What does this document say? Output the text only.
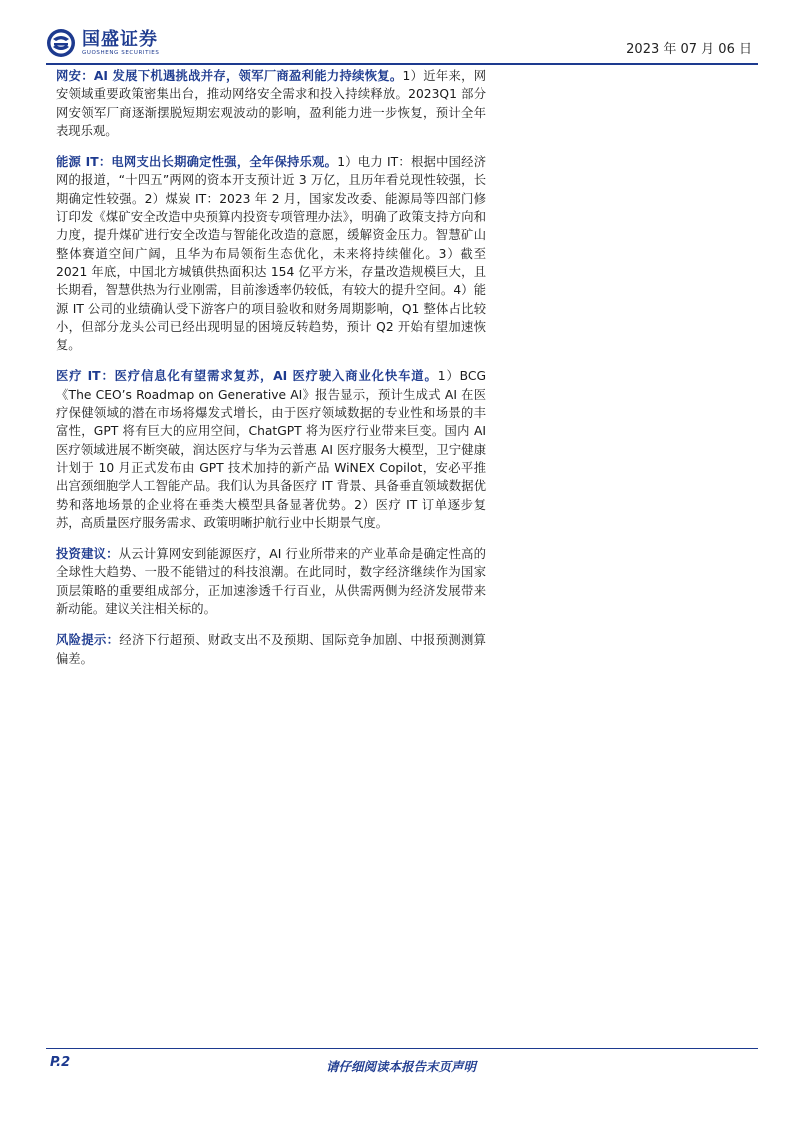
国盛证券
GUOSHENG SECURITIES	2023 年 07 月 06 日

网安：AI 发展下机遇挑战并存，领军厂商盈利能力持续恢复。1）近年来，网安领域重要政策密集出台，推动网络安全需求和投入持续释放。2023Q1 部分网安领军厂商逐渐摆脱短期宏观波动的影响，盈利能力进一步恢复，预计全年表现乐观。

能源 IT：电网支出长期确定性强，全年保持乐观。1）电力 IT：根据中国经济网的报道，“十四五”两网的资本开支预计近 3 万亿，且历年看兑现性较强，长期确定性较强。2）煤炭 IT：2023 年 2 月，国家发改委、能源局等四部门修订印发《煤矿安全改造中央预算内投资专项管理办法》，明确了政策支持方向和力度，提升煤矿进行安全改造与智能化改造的意愿，缓解资金压力。智慧矿山整体赛道空间广阔，且华为布局领衔生态优化，未来将持续催化。3）截至 2021 年底，中国北方城镇供热面积达 154 亿平方米，存量改造规模巨大，且长期看，智慧供热为行业刚需，目前渗透率仍较低，有较大的提升空间。4）能源 IT 公司的业绩确认受下游客户的项目验收和财务周期影响，Q1 整体占比较小，但部分龙头公司已经出现明显的困境反转趋势，预计 Q2 开始有望加速恢复。

医疗 IT：医疗信息化有望需求复苏，AI 医疗驶入商业化快车道。1）BCG《The CEO’s Roadmap on Generative AI》报告显示，预计生成式 AI 在医疗保健领域的潜在市场将爆发式增长，由于医疗领域数据的专业性和场景的丰富性，GPT 将有巨大的应用空间，ChatGPT 将为医疗行业带来巨变。国内 AI 医疗领域进展不断突破，润达医疗与华为云普惠 AI 医疗服务大模型，卫宁健康计划于 10 月正式发布由 GPT 技术加持的新产品 WiNEX Copilot，安必平推出宫颈细胞学人工智能产品。我们认为具备医疗 IT 背景、具备垂直领域数据优势和落地场景的企业将在垂类大模型具备显著优势。2）医疗 IT 订单逐步复苏，高质量医疗服务需求、政策明晰护航行业中长期景气度。

投资建议：从云计算网安到能源医疗，AI 行业所带来的产业革命是确定性高的全球性大趋势、一股不能错过的科技浪潮。在此同时，数字经济继续作为国家顶层策略的重要组成部分，正加速渗透千行百业，从供需两侧为经济发展带来新动能。建议关注相关标的。

风险提示：经济下行超预、财政支出不及预期、国际竞争加剧、中报预测测算偏差。

P.2	请仔细阅读本报告末页声明
